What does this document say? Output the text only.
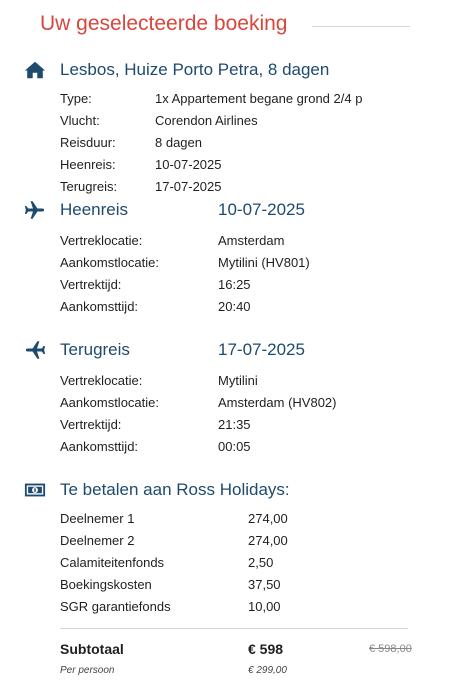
Uw geselecteerde boeking
Lesbos, Huize Porto Petra, 8 dagen
Type:	1x Appartement begane grond 2/4 p
Vlucht:	Corendon Airlines
Reisduur:	8 dagen
Heenreis:	10-07-2025
Terugreis:	17-07-2025
Heenreis	10-07-2025
Vertreklocatie:	Amsterdam
Aankomstlocatie:	Mytilini (HV801)
Vertrektijd:	16:25
Aankomsttijd:	20:40
Terugreis	17-07-2025
Vertreklocatie:	Mytilini
Aankomstlocatie:	Amsterdam (HV802)
Vertrektijd:	21:35
Aankomsttijd:	00:05
Te betalen aan Ross Holidays:
Deelnemer 1	274,00
Deelnemer 2	274,00
Calamiteitenfonds	2,50
Boekingskosten	37,50
SGR garantiefonds	10,00
Subtotaal	€ 598	€ 598,00
Per persoon	€ 299,00
